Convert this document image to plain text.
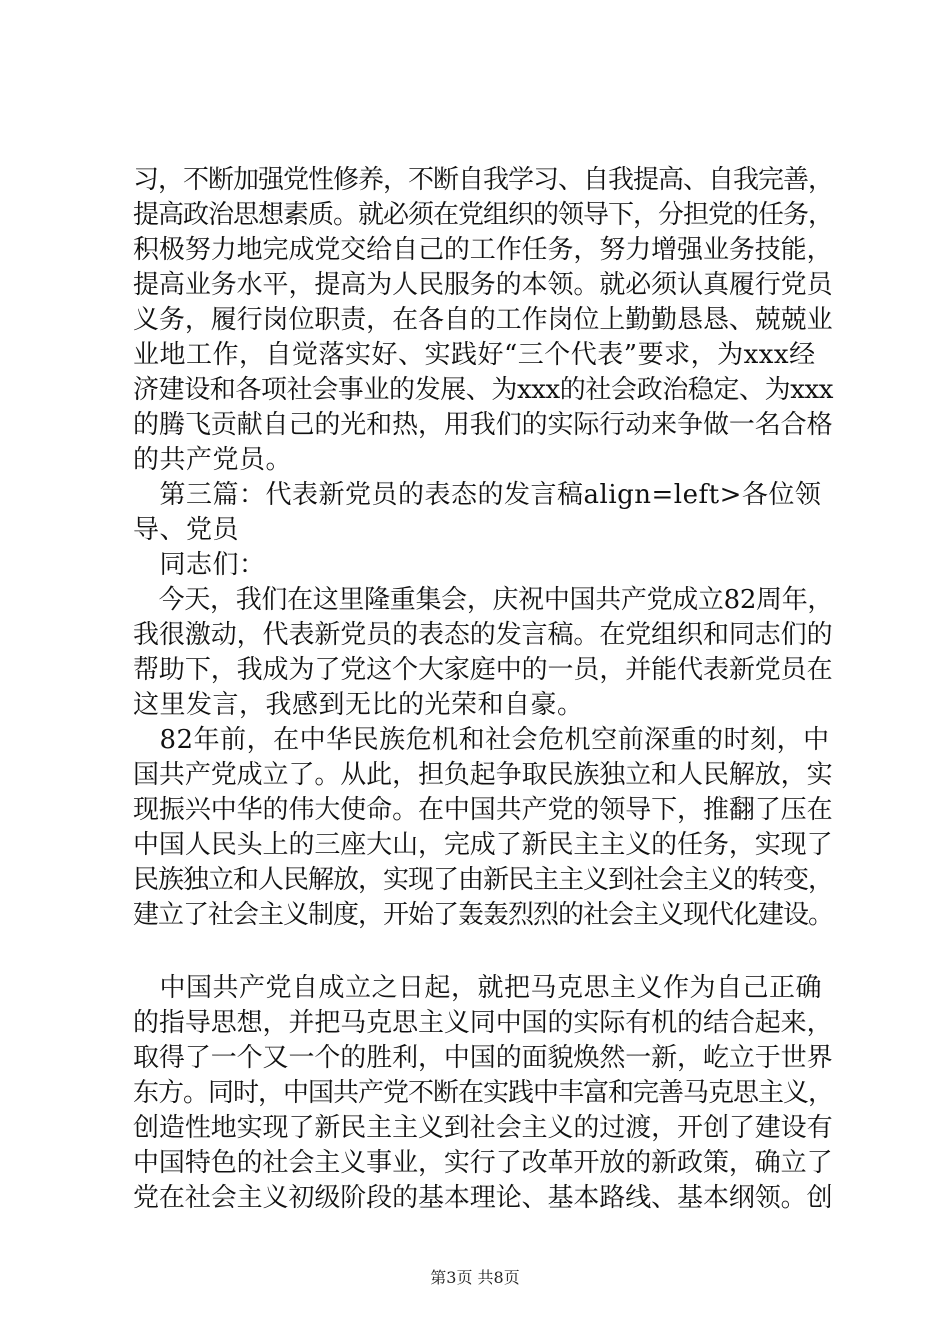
习，不断加强党性修养，不断自我学习、自我提高、自我完善，
提高政治思想素质。就必须在党组织的领导下，分担党的任务，
积极努力地完成党交给自己的工作任务，努力增强业务技能，
提高业务水平，提高为人民服务的本领。就必须认真履行党员
义务，履行岗位职责，在各自的工作岗位上勤勤恳恳、兢兢业
业地工作，自觉落实好、实践好“三个代表”要求，为xxx经
济建设和各项社会事业的发展、为xxx的社会政治稳定、为xxx
的腾飞贡献自己的光和热，用我们的实际行动来争做一名合格
的共产党员。
　第三篇：代表新党员的表态的发言稿align=left>各位领
导、党员
　同志们：
　今天，我们在这里隆重集会，庆祝中国共产党成立82周年，
我很激动，代表新党员的表态的发言稿。在党组织和同志们的
帮助下，我成为了党这个大家庭中的一员，并能代表新党员在
这里发言，我感到无比的光荣和自豪。
　82年前，在中华民族危机和社会危机空前深重的时刻，中
国共产党成立了。从此，担负起争取民族独立和人民解放，实
现振兴中华的伟大使命。在中国共产党的领导下，推翻了压在
中国人民头上的三座大山，完成了新民主主义的任务，实现了
民族独立和人民解放，实现了由新民主主义到社会主义的转变，
建立了社会主义制度，开始了轰轰烈烈的社会主义现代化建设。
　中国共产党自成立之日起，就把马克思主义作为自己正确
的指导思想，并把马克思主义同中国的实际有机的结合起来，
取得了一个又一个的胜利，中国的面貌焕然一新，屹立于世界
东方。同时，中国共产党不断在实践中丰富和完善马克思主义，
创造性地实现了新民主主义到社会主义的过渡，开创了建设有
中国特色的社会主义事业，实行了改革开放的新政策，确立了
党在社会主义初级阶段的基本理论、基本路线、基本纲领。创
第3页 共8页
